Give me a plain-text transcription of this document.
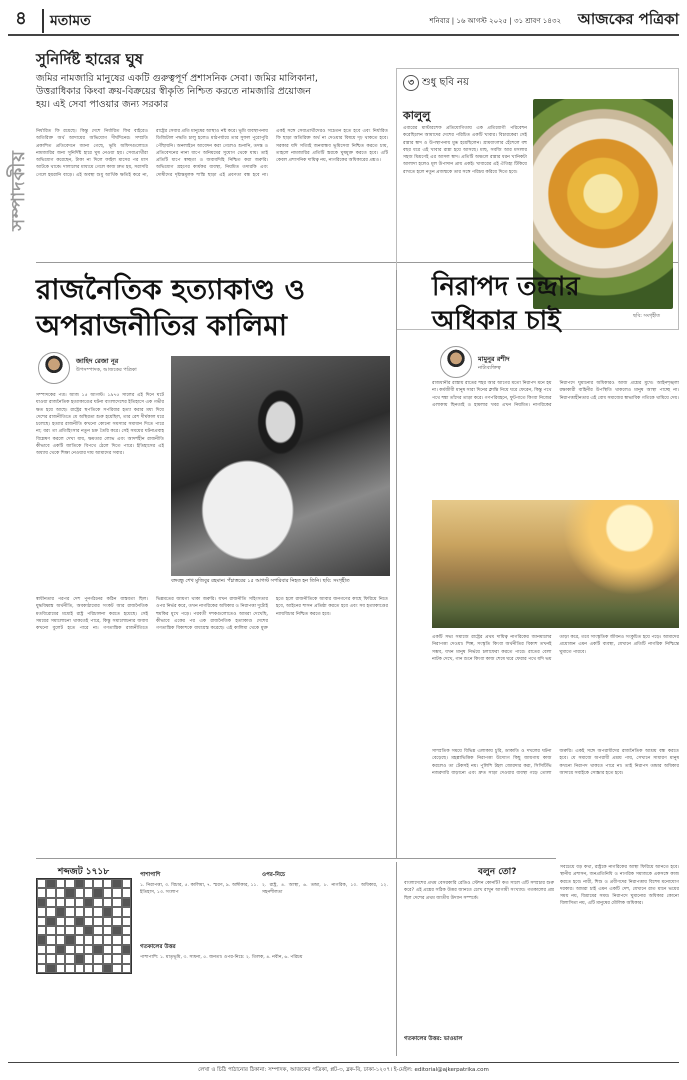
৪	মতামত	শনিবার | ১৬ আগস্ট ২০২৫ | ৩১ শ্রাবণ ১৪৩২ আজকের পত্রিকা
সম্পাদকীয়
সুনির্দিষ্ট হারের ঘুষ
জমির নামজারি মানুষের একটি গুরুত্বপূর্ণ প্রশাসনিক সেবা। জমির মালিকানা, উত্তরাধিকার কিংবা ক্রয়-বিক্রয়ের স্বীকৃতি নিশ্চিত করতে নামজারি প্রয়োজন হয়। এই সেবা পাওয়ার জন্য সরকার
নির্ধারিত ফি রয়েছে। কিন্তু দেশে নির্ধারিত ফির বাইরেও অতিরিক্ত অর্থ আদায়ের অভিযোগ দীর্ঘদিনের। সম্প্রতি প্রকাশিত প্রতিবেদনে জানা গেছে, ভূমি অফিসগুলোতে নামজারির জন্য সুনির্দিষ্ট হারে ঘুষ নেওয়া হয়। সেবাপ্রার্থীরা অভিযোগ করেছেন, টাকা না দিলে ফাইল মাসের পর মাস আটকে থাকে। দালালের মাধ্যমে গেলে কাজ দ্রুত হয়, সরাসরি গেলে হয়রানি বাড়ে। এই অবস্থা শুধু আর্থিক ক্ষতিই করে না, রাষ্ট্রের সেবার প্রতি মানুষের আস্থাও নষ্ট করে। ভূমি ব্যবস্থাপনায় ডিজিটাল পদ্ধতি চালু হলেও মাঠপর্যায়ে তার সুফল পুরোপুরি পৌঁছায়নি। অনলাইনে আবেদন করা গেলেও শুনানি, তদন্ত ও প্রতিবেদনের নানা ধাপে অনিয়মের সুযোগ থেকে যায়। তাই প্রতিটি ধাপে স্বচ্ছতা ও জবাবদিহি নিশ্চিত করা জরুরি। অভিযোগ গ্রহণের কার্যকর ব্যবস্থা, নিয়মিত তদারকি এবং দোষীদের দৃষ্টান্তমূলক শাস্তি ছাড়া এই প্রবণতা বন্ধ হবে না। একই সঙ্গে সেবাপ্রার্থীদেরও সচেতন হতে হবে এবং নির্ধারিত ফি ছাড়া অতিরিক্ত অর্থ না দেওয়ার বিষয়ে দৃঢ় থাকতে হবে। সরকার যদি সত্যিই জনবান্ধব ভূমিসেবা নিশ্চিত করতে চায়, তাহলে নামজারির প্রতিটি স্তরকে ঘুষমুক্ত করতে হবে। এটি কেবল প্রশাসনিক দায়িত্ব নয়, নাগরিকের অধিকারের প্রশ্নও।
৩ শুধু ছবি নয়
কালুলু
এবারের মাস্টারশেফ প্রতিযোগিতায় এক প্রতিযোগী পরিবেশন করেছিলেন আমাদের দেশের পরিচিত একটি খাবার। বিচারকেরা সেই রান্নার স্বাদ ও উপস্থাপনায় মুগ্ধ হয়েছিলেন। গ্রামবাংলার হেঁশেলে বহু বছর ধরে এই খাবার রান্না হয়ে আসছে। মাছ, সবজি আর মসলার সহজ মিশ্রণেই এর আসল স্বাদ। প্রতিটি অঞ্চলে রান্নার ধরন খানিকটা আলাদা হলেও মূল উপাদান প্রায় একই। খাবারের এই ঐতিহ্য টিকিয়ে রাখতে হলে নতুন প্রজন্মকে তার সঙ্গে পরিচয় করিয়ে দিতে হবে।
ছবি: সংগৃহীত
রাজনৈতিক হত্যাকাণ্ড ও অপরাজনীতির কালিমা
জাহিদ রেজা নূর
উপসম্পাদক, আজকের পত্রিকা
সম্পাদকের পত্র। আজ ১৫ আগস্ট। ১৯৭৫ সালের এই দিনে ঘটে যাওয়া রাজনৈতিক হত্যাকাণ্ডের ঘটনা বাংলাদেশের ইতিহাসে এক গভীর ক্ষত হয়ে আছে। রাষ্ট্রের স্থপতিকে সপরিবার হত্যা করার মধ্য দিয়ে দেশের রাজনীতিতে যে অস্থিরতা শুরু হয়েছিল, তার রেশ দীর্ঘকাল ধরে চলেছে। হত্যার রাজনীতি কখনো কোনো সমস্যার সমাধান দিতে পারে না; বরং তা প্রতিহিংসার নতুন চক্র তৈরি করে। সেই সময়ের ঘটনাপ্রবাহ বিশ্লেষণ করলে দেখা যায়, ক্ষমতার লোভ এবং আদর্শহীন রাজনীতি কীভাবে একটি জাতিকে বিপথে ঠেলে দিতে পারে। ইতিহাসের এই অধ্যায় থেকে শিক্ষা নেওয়ার দায় আমাদের সবার।
বঙ্গবন্ধু শেখ মুজিবুর রহমান। পঁচাত্তরের ১৫ আগস্ট সপরিবার নিহত হন তিনি। ছবি: সংগৃহীত
স্বাধীনতার পরপর দেশ পুনর্গঠনের কঠিন বাস্তবতা ছিল। যুদ্ধবিধ্বস্ত অর্থনীতি, অবকাঠামোর সংকট আর রাজনৈতিক মতবিরোধের মধ্যেই রাষ্ট্র পরিচালনা করতে হয়েছে। সেই সময়ের সমালোচনা থাকতেই পারে, কিন্তু সমালোচনার জবাব কখনো বুলেট হতে পারে না। গণতান্ত্রিক রাজনীতিতে ভিন্নমতের জায়গা থাকা জরুরি। যখন রাজনীতি সহিংসতার ওপর নির্ভর করে, তখন নাগরিকের অধিকার ও নিরাপত্তা দুটোই হুমকির মুখে পড়ে। পরবর্তী দশকগুলোতেও আমরা দেখেছি, কীভাবে একের পর এক রাজনৈতিক হত্যাকাণ্ড দেশের গণতান্ত্রিক বিকাশকে বাধাগ্রস্ত করেছে। এই কালিমা থেকে মুক্ত হতে হলে রাজনীতিকে আবার জনগণের কাছে ফিরিয়ে নিতে হবে, আইনের শাসন প্রতিষ্ঠা করতে হবে এবং সব হত্যাকাণ্ডের ন্যায়বিচার নিশ্চিত করতে হবে।
নিরাপদ তন্দ্রার অধিকার চাই
মামুনুর রশীদ
নাট্যব্যক্তিত্ব
রাজধানীর রাস্তায় রাতের শহর আর আগের মতো নিরাপদ মনে হয় না। কর্মজীবী মানুষ সারা দিনের ক্লান্তি নিয়ে ঘরে ফেরেন, কিন্তু পথে পথে শঙ্কা তাঁদের তাড়া করে। গণপরিবহনে, ফুটপাতে কিংবা নিজের এলাকায় ছিনতাই ও হামলার খবর এখন নিয়মিত। নাগরিকের নিরাপদে ঘুমানোর অধিকারও আজ প্রশ্নের মুখে। আইনশৃঙ্খলা রক্ষাকারী বাহিনীর উপস্থিতি থাকলেও মানুষ আস্থা পাচ্ছে না। নিরাপত্তাহীনতার এই বোধ সমাজের স্বাভাবিক গতিকে থামিয়ে দেয়।
একটি সভ্য সমাজে রাষ্ট্রের প্রথম দায়িত্ব নাগরিকের জানমালের নিরাপত্তা দেওয়া। শিল্প, সংস্কৃতি কিংবা অর্থনীতির বিকাশ তখনই সম্ভব, যখন মানুষ নির্ভয়ে চলাফেরা করতে পারে। রাতের বেলা নাটক দেখে, গান শুনে কিংবা কাজ শেষে ঘরে ফেরার পথে যদি ভয় তাড়া করে, তবে সাংস্কৃতিক জীবনও সংকুচিত হয়ে পড়ে। আমাদের প্রয়োজন এমন একটি ব্যবস্থা, যেখানে প্রতিটি নাগরিক নিশ্চিন্তে ঘুমাতে পারবে।
সাম্প্রতিক সময়ে বিভিন্ন এলাকায় চুরি, ডাকাতি ও দখলের ঘটনা বেড়েছে। মহল্লাভিত্তিক নিরাপত্তা উদ্যোগ কিছু জায়গায় কাজ করলেও তা টেকসই নয়। পুলিশি টহল জোরদার করা, সিসিটিভি নজরদারি বাড়ানো এবং দ্রুত সাড়া দেওয়ার ব্যবস্থা গড়ে তোলা জরুরি। একই সঙ্গে অপরাধীদের রাজনৈতিক আশ্রয় বন্ধ করতে হবে। যে সমাজে অপরাধী প্রশ্রয় পায়, সেখানে সাধারণ মানুষ কখনো নিরাপদ থাকতে পারে না। তাই নিরাপদ তন্দ্রার অধিকার আদায়ে সবাইকে সোচ্চার হতে হবে।
সবচেয়ে বড় কথা, রাষ্ট্রকে নাগরিকের আস্থা ফিরিয়ে আনতে হবে। স্থানীয় প্রশাসন, জনপ্রতিনিধি ও নাগরিক সমাজকে একসঙ্গে কাজ করতে হবে। নারী, শিশু ও প্রবীণদের নিরাপত্তায় বিশেষ মনোযোগ দরকার। আমরা চাই এমন একটি দেশ, যেখানে রাত মানে ভয়ের সময় নয়, বিশ্রামের সময়। নিরাপদে ঘুমানোর অধিকার কোনো বিলাসিতা নয়, এটি মানুষের মৌলিক অধিকার।
শব্দজট ১৭১৮	পাশাপাশি
১. নিরাপত্তা, ৩. বিচার, ৫. কালিমা, ৭. স্মরণ, ৯. অঙ্গীকার, ১১. ইতিহাস, ১৩. সংলাপ
ওপর-নিচে
২. রাষ্ট্র, ৪. আস্থা, ৬. তন্দ্রা, ৮. নাগরিক, ১০. অধিকার, ১২. সহনশীলতা
গতকালের উত্তর
পাশাপাশি: ১. মাতৃভূমি, ৩. সাধনা, ৫. জনতা। ওপর-নিচে: ২. তিলক, ৪. নবীন, ৬. পরিচয়
বলুন তো?
বাংলাদেশের প্রথম বেসরকারি রেডিও স্টেশন কোনটি? কত সালে এটি সম্প্রচার শুরু করে? এই প্রশ্নের সঠিক উত্তর জানতে চোখ রাখুন আগামী সংখ্যায়। গতকালের প্রশ্ন ছিল দেশের প্রথম জাতীয় উদ্যান সম্পর্কে।
গতকালের উত্তর: ভাওয়াল
লেখা ও চিঠি পাঠানোর ঠিকানা: সম্পাদক, আজকের পত্রিকা, প্লট-৩, ব্লক-বি, ঢাকা-১২০৭। ই-মেইল: editorial@ajkerpatrika.com
